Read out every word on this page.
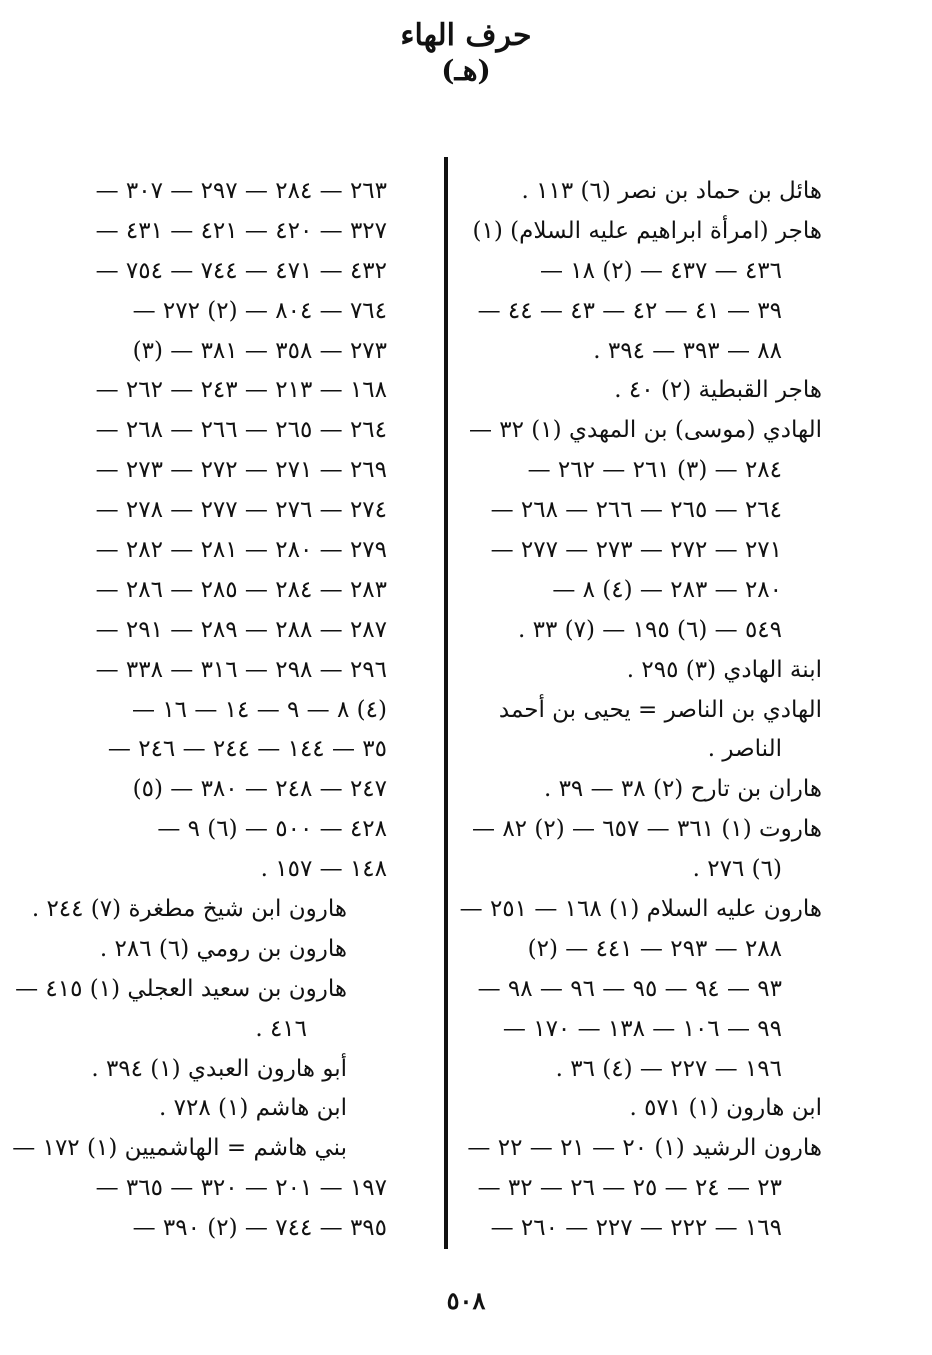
حرف الهاء
(هـ)
هائل بن حماد بن نصر (٦) ١١٣ .
هاجر (امرأة ابراهيم عليه السلام) (١)
٤٣٦ — ٤٣٧ — (٢) ١٨ —
٣٩ — ٤١ — ٤٢ — ٤٣ — ٤٤ —
٨٨ — ٣٩٣ — ٣٩٤ .
هاجر القبطية (٢) ٤٠ .
الهادي (موسى) بن المهدي (١) ٣٢ —
٢٨٤ — (٣) ٢٦١ — ٢٦٢ —
٢٦٤ — ٢٦٥ — ٢٦٦ — ٢٦٨ —
٢٧١ — ٢٧٢ — ٢٧٣ — ٢٧٧ —
٢٨٠ — ٢٨٣ — (٤) ٨ —
٥٤٩ — (٦) ١٩٥ — (٧) ٣٣ .
ابنة الهادي (٣) ٢٩٥ .
الهادي بن الناصر = يحيى بن أحمد
الناصر .
هاران بن تارح (٢) ٣٨ — ٣٩ .
هاروت (١) ٣٦١ — ٦٥٧ — (٢) ٨٢ —
(٦) ٢٧٦ .
هارون عليه السلام (١) ١٦٨ — ٢٥١ —
٢٨٨ — ٢٩٣ — ٤٤١ — (٢)
٩٣ — ٩٤ — ٩٥ — ٩٦ — ٩٨ —
٩٩ — ١٠٦ — ١٣٨ — ١٧٠ —
١٩٦ — ٢٢٧ — (٤) ٣٦ .
ابن هارون (١) ٥٧١ .
هارون الرشيد (١) ٢٠ — ٢١ — ٢٢ —
٢٣ — ٢٤ — ٢٥ — ٢٦ — ٣٢ —
١٦٩ — ٢٢٢ — ٢٢٧ — ٢٦٠ —
٢٦٣ — ٢٨٤ — ٢٩٧ — ٣٠٧ —
٣٢٧ — ٤٢٠ — ٤٢١ — ٤٣١ —
٤٣٢ — ٤٧١ — ٧٤٤ — ٧٥٤ —
٧٦٤ — ٨٠٤ — (٢) ٢٧٢ —
٢٧٣ — ٣٥٨ — ٣٨١ — (٣)
١٦٨ — ٢١٣ — ٢٤٣ — ٢٦٢ —
٢٦٤ — ٢٦٥ — ٢٦٦ — ٢٦٨ —
٢٦٩ — ٢٧١ — ٢٧٢ — ٢٧٣ —
٢٧٤ — ٢٧٦ — ٢٧٧ — ٢٧٨ —
٢٧٩ — ٢٨٠ — ٢٨١ — ٢٨٢ —
٢٨٣ — ٢٨٤ — ٢٨٥ — ٢٨٦ —
٢٨٧ — ٢٨٨ — ٢٨٩ — ٢٩١ —
٢٩٦ — ٢٩٨ — ٣١٦ — ٣٣٨ —
(٤) ٨ — ٩ — ١٤ — ١٦ —
٣٥ — ١٤٤ — ٢٤٤ — ٢٤٦ —
٢٤٧ — ٢٤٨ — ٣٨٠ — (٥)
٤٢٨ — ٥٠٠ — (٦) ٩ —
١٤٨ — ١٥٧ .
هارون ابن شيخ مطغرة (٧) ٢٤٤ .
هارون بن رومي (٦) ٢٨٦ .
هارون بن سعيد العجلي (١) ٤١٥ —
٤١٦ .
أبو هارون العبدي (١) ٣٩٤ .
ابن هاشم (١) ٧٢٨ .
بني هاشم = الهاشميين (١) ١٧٢ —
١٩٧ — ٢٠١ — ٣٢٠ — ٣٦٥ —
٣٩٥ — ٧٤٤ — (٢) ٣٩٠ —
٥٠٨
